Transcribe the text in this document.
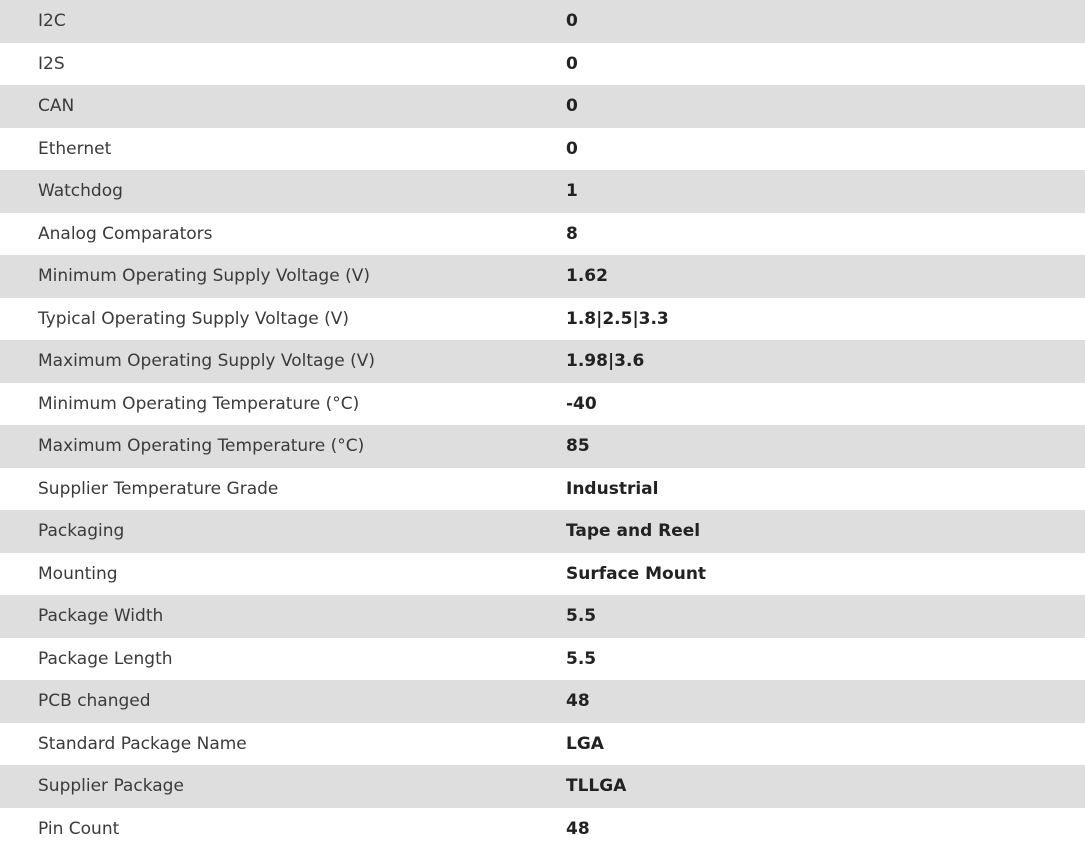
I2C	0
I2S	0
CAN	0
Ethernet	0
Watchdog	1
Analog Comparators	8
Minimum Operating Supply Voltage (V)	1.62
Typical Operating Supply Voltage (V)	1.8|2.5|3.3
Maximum Operating Supply Voltage (V)	1.98|3.6
Minimum Operating Temperature (°C)	-40
Maximum Operating Temperature (°C)	85
Supplier Temperature Grade	Industrial
Packaging	Tape and Reel
Mounting	Surface Mount
Package Width	5.5
Package Length	5.5
PCB changed	48
Standard Package Name	LGA
Supplier Package	TLLGA
Pin Count	48
